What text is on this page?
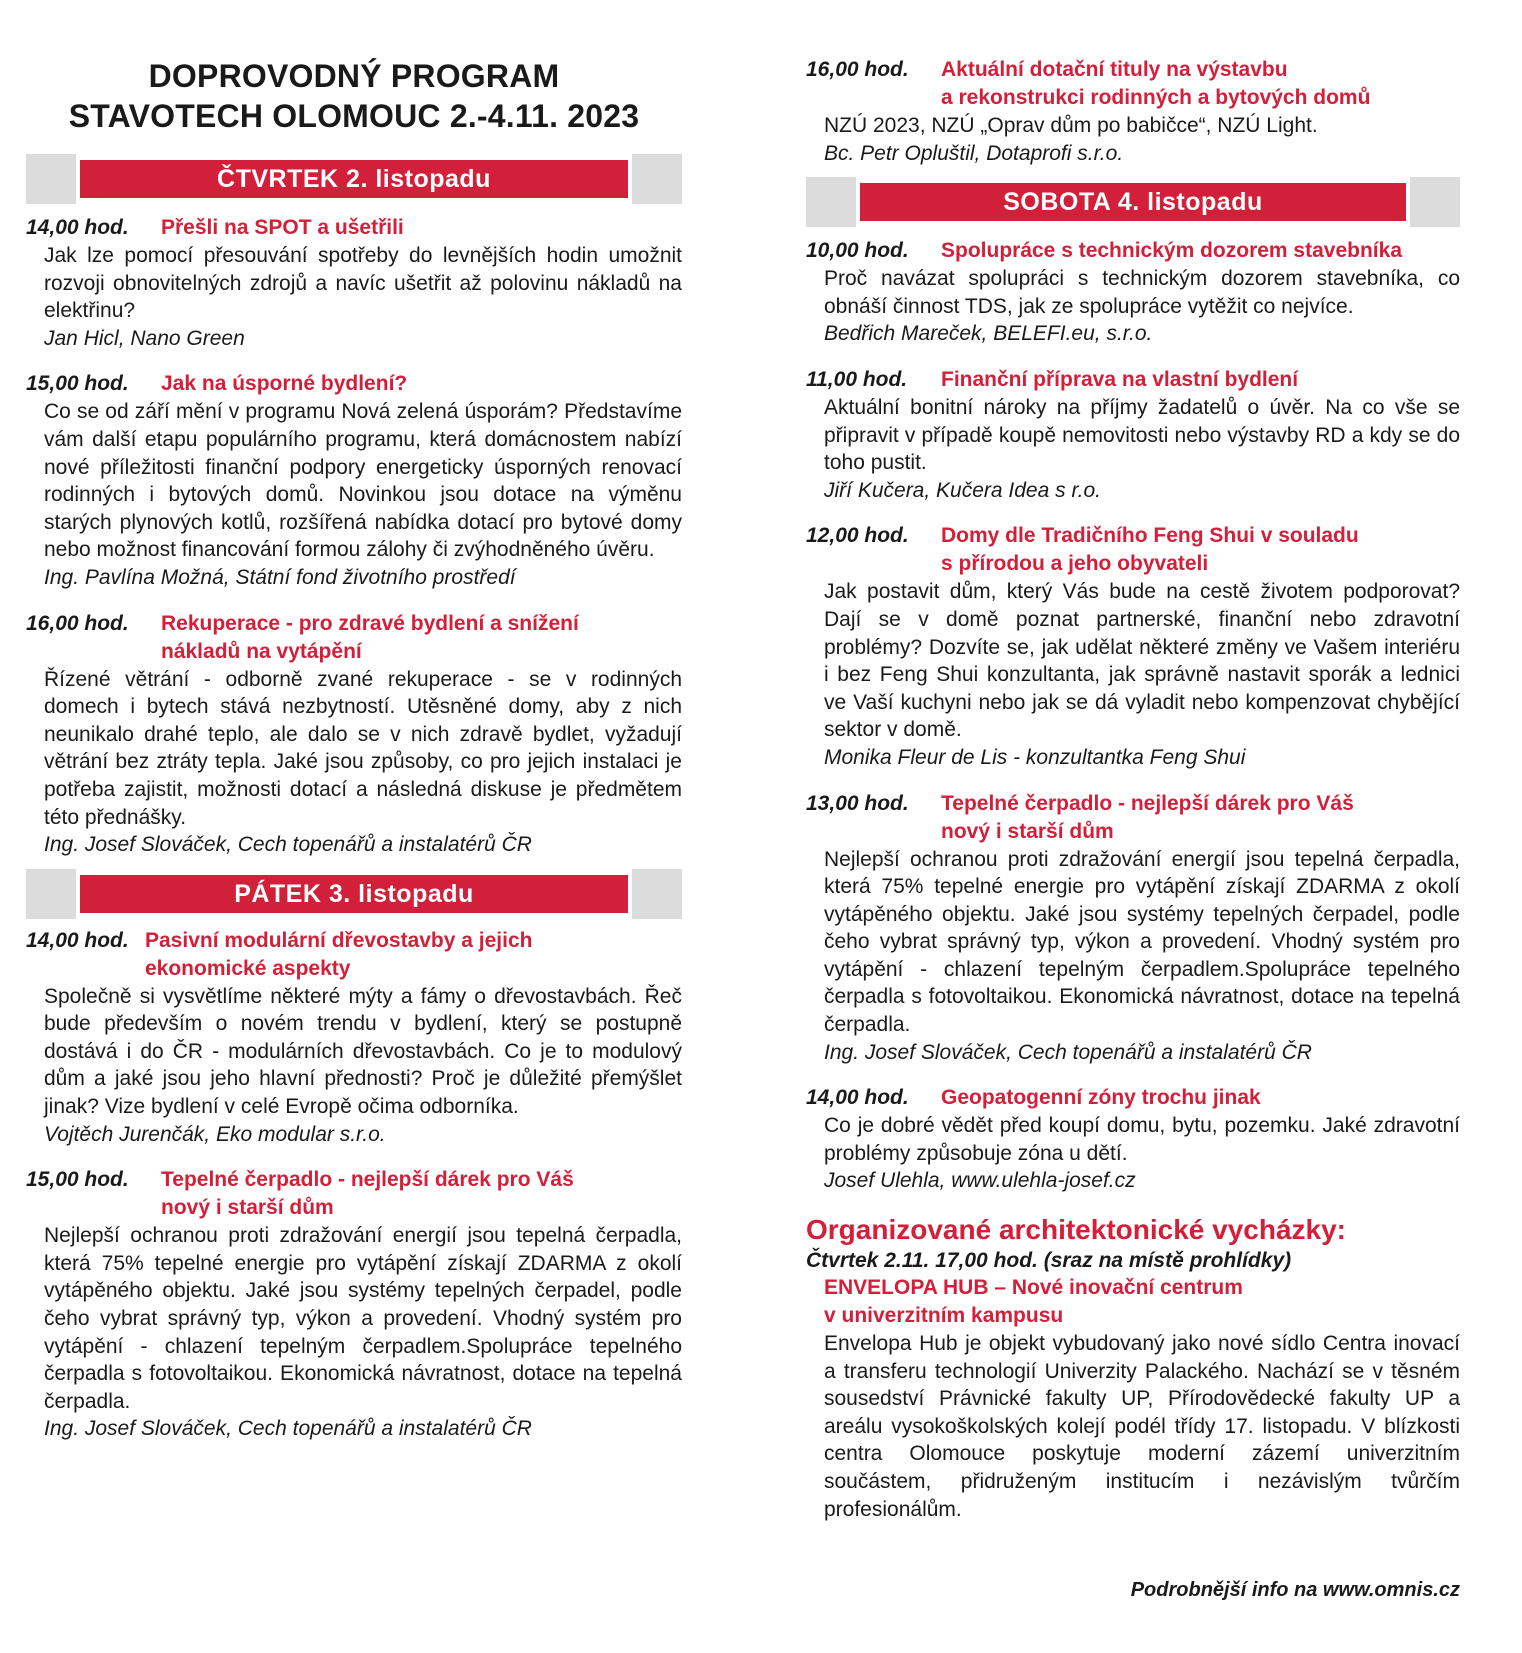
DOPROVODNÝ PROGRAM
STAVOTECH OLOMOUC 2.-4.11. 2023
ČTVRTEK 2. listopadu
14,00 hod.	Přešli na SPOT a ušetřili
Jak lze pomocí přesouvání spotřeby do levnějších hodin umožnit rozvoji obnovitelných zdrojů a navíc ušetřit až polovinu nákladů na elektřinu?
Jan Hicl, Nano Green
15,00 hod.	Jak na úsporné bydlení?
Co se od září mění v programu Nová zelená úsporám? Představíme vám další etapu populárního programu, která domácnostem nabízí nové příležitosti finanční podpory energeticky úsporných renovací rodinných i bytových domů. Novinkou jsou dotace na výměnu starých plynových kotlů, rozšířená nabídka dotací pro bytové domy nebo možnost financování formou zálohy či zvýhodněného úvěru.
Ing. Pavlína Možná, Státní fond životního prostředí
16,00 hod.	Rekuperace - pro zdravé bydlení a snížení
nákladů na vytápění
Řízené větrání - odborně zvané rekuperace - se v rodinných domech i bytech stává nezbytností. Utěsněné domy, aby z nich neunikalo drahé teplo, ale dalo se v nich zdravě bydlet, vyžadují větrání bez ztráty tepla. Jaké jsou způsoby, co pro jejich instalaci je potřeba zajistit, možnosti dotací a následná diskuse je předmětem této přednášky.
Ing. Josef Slováček, Cech topenářů a instalatérů ČR
PÁTEK 3. listopadu
14,00 hod. Pasivní modulární dřevostavby a jejich
ekonomické aspekty
Společně si vysvětlíme některé mýty a fámy o dřevostavbách. Řeč bude především o novém trendu v bydlení, který se postupně dostává i do ČR - modulárních dřevostavbách. Co je to modulový dům a jaké jsou jeho hlavní přednosti? Proč je důležité přemýšlet jinak? Vize bydlení v celé Evropě očima odborníka.
Vojtěch Jurenčák, Eko modular s.r.o.
15,00 hod.	Tepelné čerpadlo - nejlepší dárek pro Váš
nový i starší dům
Nejlepší ochranou proti zdražování energií jsou tepelná čerpadla, která 75% tepelné energie pro vytápění získají ZDARMA z okolí vytápěného objektu. Jaké jsou systémy tepelných čerpadel, podle čeho vybrat správný typ, výkon a provedení. Vhodný systém pro vytápění - chlazení tepelným čerpadlem.Spolupráce tepelného čerpadla s fotovoltaikou. Ekonomická návratnost, dotace na tepelná čerpadla.
Ing. Josef Slováček, Cech topenářů a instalatérů ČR
16,00 hod.	Aktuální dotační tituly na výstavbu
a rekonstrukci rodinných a bytových domů
NZÚ 2023, NZÚ „Oprav dům po babičce“, NZÚ Light.
Bc. Petr Opluštil, Dotaprofi s.r.o.
SOBOTA 4. listopadu
10,00 hod.	Spolupráce s technickým dozorem stavebníka
Proč navázat spolupráci s technickým dozorem stavebníka, co obnáší činnost TDS, jak ze spolupráce vytěžit co nejvíce.
Bedřich Mareček, BELEFI.eu, s.r.o.
11,00 hod.	Finanční příprava na vlastní bydlení
Aktuální bonitní nároky na příjmy žadatelů o úvěr. Na co vše se připravit v případě koupě nemovitosti nebo výstavby RD a kdy se do toho pustit.
Jiří Kučera, Kučera Idea s r.o.
12,00 hod.	Domy dle Tradičního Feng Shui v souladu
s přírodou a jeho obyvateli
Jak postavit dům, který Vás bude na cestě životem podporovat? Dají se v domě poznat partnerské, finanční nebo zdravotní problémy? Dozvíte se, jak udělat některé změny ve Vašem interiéru i bez Feng Shui konzultanta, jak správně nastavit sporák a lednici ve Vaší kuchyni nebo jak se dá vyladit nebo kompenzovat chybějící sektor v domě.
Monika Fleur de Lis - konzultantka Feng Shui
13,00 hod.	Tepelné čerpadlo - nejlepší dárek pro Váš
nový i starší dům
Nejlepší ochranou proti zdražování energií jsou tepelná čerpadla, která 75% tepelné energie pro vytápění získají ZDARMA z okolí vytápěného objektu. Jaké jsou systémy tepelných čerpadel, podle čeho vybrat správný typ, výkon a provedení. Vhodný systém pro vytápění - chlazení tepelným čerpadlem.Spolupráce tepelného čerpadla s fotovoltaikou. Ekonomická návratnost, dotace na tepelná čerpadla.
Ing. Josef Slováček, Cech topenářů a instalatérů ČR
14,00 hod.	Geopatogenní zóny trochu jinak
Co je dobré vědět před koupí domu, bytu, pozemku. Jaké zdravotní problémy způsobuje zóna u dětí.
Josef Ulehla, www.ulehla-josef.cz
Organizované architektonické vycházky:
Čtvrtek 2.11. 17,00 hod. (sraz na místě prohlídky)
ENVELOPA HUB – Nové inovační centrum
v univerzitním kampusu
Envelopa Hub je objekt vybudovaný jako nové sídlo Centra inovací a transferu technologií Univerzity Palackého. Nachází se v těsném sousedství Právnické fakulty UP, Přírodovědecké fakulty UP a areálu vysokoškolských kolejí podél třídy 17. listopadu. V blízkosti centra Olomouce poskytuje moderní zázemí univerzitním součástem, přidruženým institucím i nezávislým tvůrčím profesionálům.
Podrobnější info na www.omnis.cz
